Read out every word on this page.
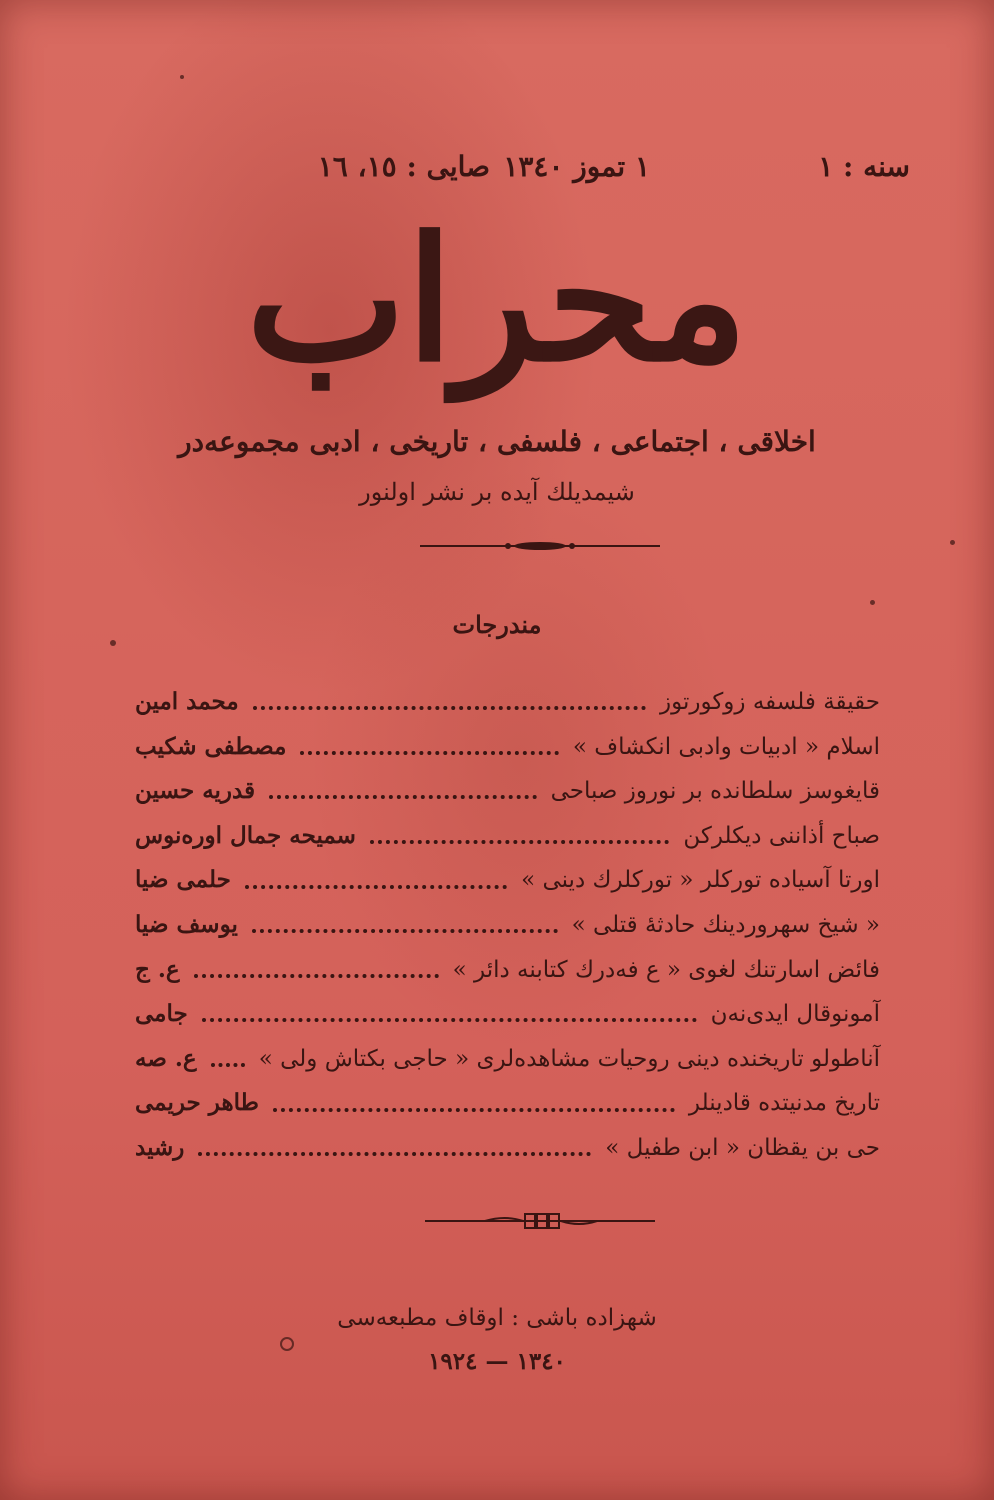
سنه : ١
١ تموز ١٣٤٠
صايى : ١٥، ١٦
محراب
اخلاقى ، اجتماعى ، فلسفى ، تاريخى ، ادبى مجموعه‌در
شيمديلك آيده بر نشر اولنور
مندرجات
حقيقة فلسفه زوكورتوز
محمد امين
اسلام « ادبيات وادبى انكشاف »
مصطفى شكيب
قايغوسز سلطانده بر نوروز صباحى
قدريه حسين
صباح أذاننى ديكلركن
سميحه جمال اوره‌نوس
اورتا آسياده توركلر « توركلرك دينى »
حلمى ضيا
« شيخ سهروردينك حادثهٔ قتلى »
يوسف ضيا
فائض اسارتنك لغوى « ع فه‌درك كتابنه دائر »
ع. ج
آمونوقال ايدى‌نەن
جامى
آناطولو تاريخنده دينى روحيات مشاهده‌لرى « حاجى بكتاش ولى »
ع. صه
تاريخ مدنيتده قادينلر
طاهر حريمى
حى بن يقظان « ابن طفيل »
رشيد
شهزاده باشى : اوقاف مطبعه‌سى
١٣٤٠ — ١٩٢٤
